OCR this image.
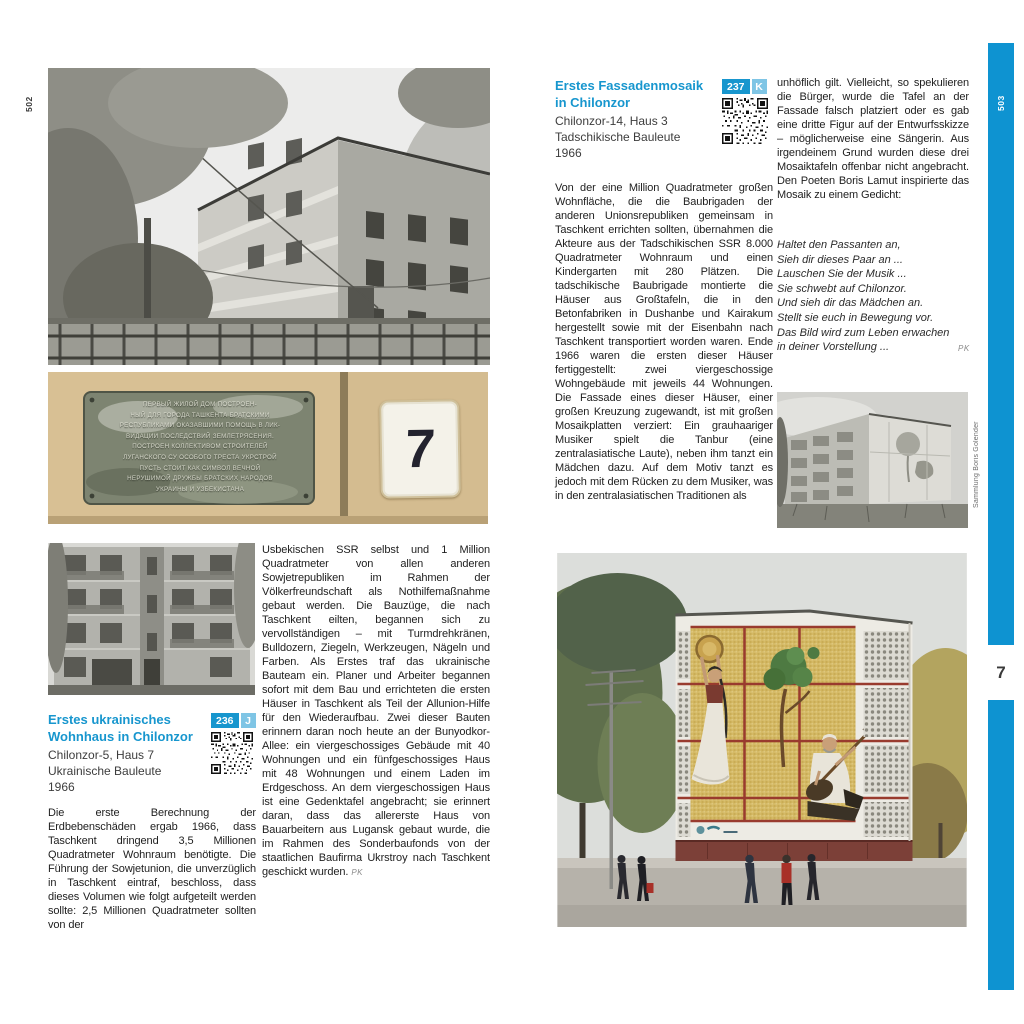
502
ПЕРВЫЙ ЖИЛОЙ ДОМ ПОСТРОЕН-
НЫЙ ДЛЯ ГОРОДА ТАШКЕНТА БРАТСКИМИ
РЕСПУБЛИКАМИ ОКАЗАВШИМИ ПОМОЩЬ В ЛИК-
ВИДАЦИИ ПОСЛЕДСТВИЙ ЗЕМЛЕТРЯСЕНИЯ.
ПОСТРОЕН КОЛЛЕКТИВОМ СТРОИТЕЛЕЙ
ЛУГАНСКОГО СУ ОСОБОГО ТРЕСТА УКРСТРОЙ
ПУСТЬ СТОИТ КАК СИМВОЛ ВЕЧНОЙ
НЕРУШИМОЙ ДРУЖБЫ БРАТСКИХ НАРОДОВ
УКРАИНЫ И УЗБЕКИСТАНА
7
Erstes ukrainisches
Wohnhaus in Chilonzor
Chilonzor-5, Haus 7
Ukrainische Bauleute
1966
236	J
Die erste Berechnung der Erdbebenschäden ergab 1966, dass Taschkent dringend 3,5 Millionen Quadratmeter Wohnraum benötigte. Die Führung der Sowjetunion, die unverzüglich in Taschkent eintraf, beschloss, dass dieses Volumen wie folgt aufgeteilt werden sollte: 2,5 Millionen Quadratmeter sollten von der
Usbekischen SSR selbst und 1 Million Quadratmeter von allen anderen Sowjetrepubliken im Rahmen der Völkerfreundschaft als Nothilfemaßnahme gebaut werden. Die Bauzüge, die nach Taschkent eilten, begannen sich zu vervollständigen – mit Turmdrehkränen, Bulldozern, Ziegeln, Werkzeugen, Nägeln und Farben. Als Erstes traf das ukrainische Bauteam ein. Planer und Arbeiter begannen sofort mit dem Bau und errichteten die ersten Häuser in Taschkent als Teil der Allunion-Hilfe für den Wiederaufbau. Zwei dieser Bauten erinnern daran noch heute an der Bunyodkor-Allee: ein viergeschossiges Gebäude mit 40 Wohnungen und ein fünfgeschossiges Haus mit 48 Wohnungen und einem Laden im Erdgeschoss. An dem viergeschossigen Haus ist eine Gedenktafel angebracht; sie erinnert daran, dass das allererste Haus von Bauarbeitern aus Lugansk gebaut wurde, die im Rahmen des Sonderbaufonds von der staatlichen Baufirma Ukrstroy nach Taschkent geschickt wurden. PK
Erstes Fassadenmosaik
in Chilonzor
Chilonzor-14, Haus 3
Tadschikische Bauleute
1966
237	K
Von der eine Million Quadratmeter großen Wohnfläche, die die Baubrigaden der anderen Unionsrepubliken gemeinsam in Taschkent errichten sollten, übernahmen die Akteure aus der Tadschikischen SSR 8.000 Quadratmeter Wohnraum und einen Kindergarten mit 280 Plätzen. Die tadschikische Baubrigade montierte die Häuser aus Großtafeln, die in den Betonfabriken in Dushanbe und Kairakum hergestellt sowie mit der Eisenbahn nach Taschkent transportiert worden waren. Ende 1966 waren die ersten dieser Häuser fertiggestellt: zwei viergeschossige Wohngebäude mit jeweils 44 Wohnungen. Die Fassade eines dieser Häuser, einer großen Kreuzung zugewandt, ist mit großen Mosaikplatten verziert: Ein grauhaariger Musiker spielt die Tanbur (eine zentralasiatische Laute), neben ihm tanzt ein Mädchen dazu. Auf dem Motiv tanzt es jedoch mit dem Rücken zu dem Musiker, was in den zentralasiatischen Traditionen als
unhöflich gilt. Vielleicht, so spekulieren die Bürger, wurde die Tafel an der Fassade falsch platziert oder es gab eine dritte Figur auf der Entwurfsskizze – möglicherweise eine Sängerin. Aus irgendeinem Grund wurden diese drei Mosaiktafeln offenbar nicht angebracht. Den Poeten Boris Lamut inspirierte das Mosaik zu einem Gedicht:
Haltet den Passanten an,
Sieh dir dieses Paar an ...
Lauschen Sie der Musik ...
Sie schwebt auf Chilonzor.
Und sieh dir das Mädchen an.
Stellt sie euch in Bewegung vor.
Das Bild wird zum Leben erwachen
in deiner Vorstellung ...	PK
Sammlung Boris Golender
503
7
